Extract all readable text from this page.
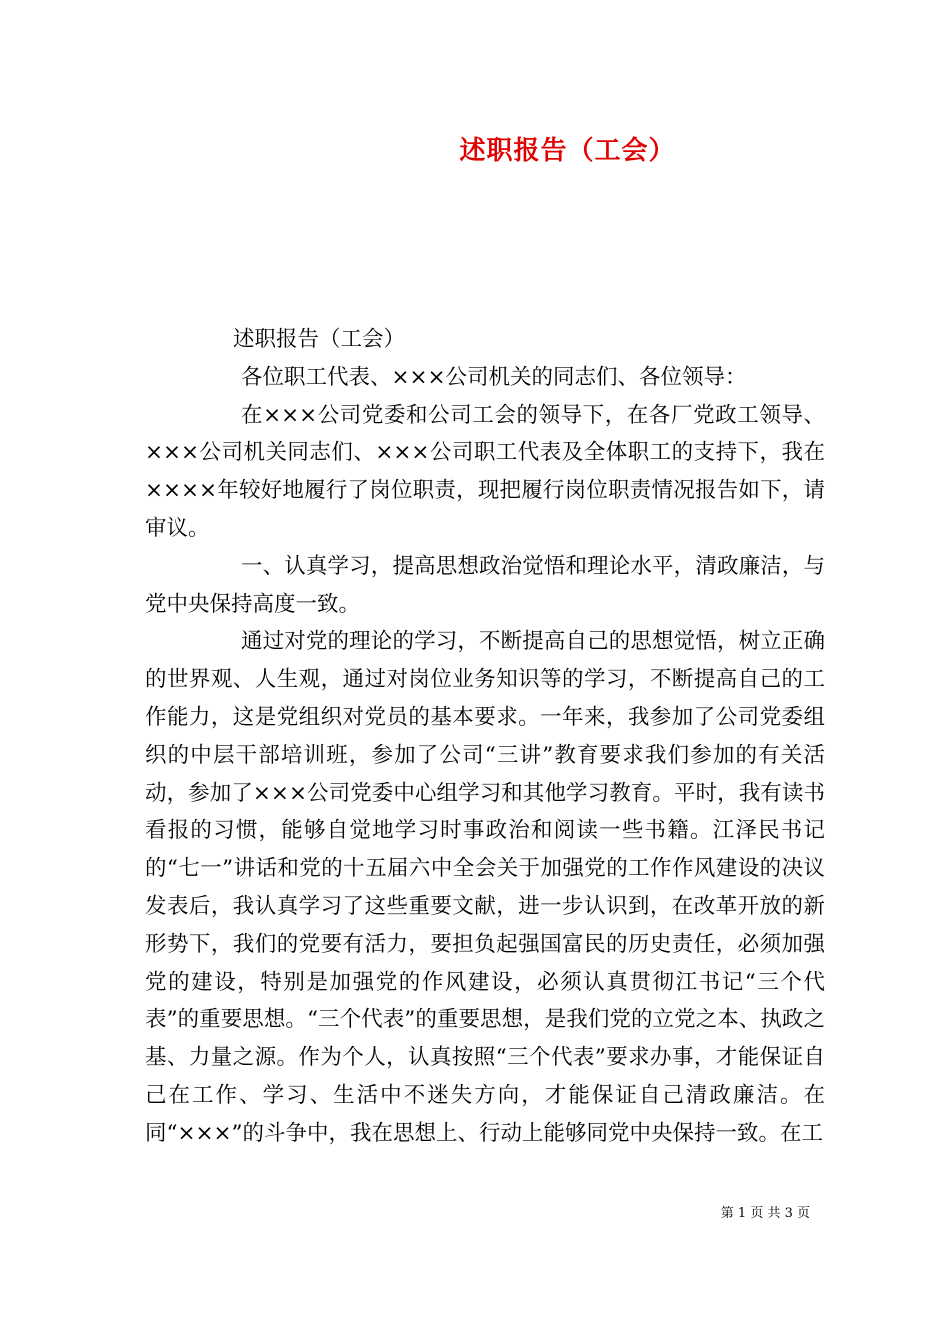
述职报告（工会）

述职报告（工会）

各位职工代表、×××公司机关的同志们、各位领导：

在×××公司党委和公司工会的领导下，在各厂党政工领导、×××公司机关同志们、×××公司职工代表及全体职工的支持下，我在××××年较好地履行了岗位职责，现把履行岗位职责情况报告如下，请审议。

一、认真学习，提高思想政治觉悟和理论水平，清政廉洁，与党中央保持高度一致。

通过对党的理论的学习，不断提高自己的思想觉悟，树立正确的世界观、人生观，通过对岗位业务知识等的学习，不断提高自己的工作能力，这是党组织对党员的基本要求。一年来，我参加了公司党委组织的中层干部培训班，参加了公司“三讲”教育要求我们参加的有关活动，参加了×××公司党委中心组学习和其他学习教育。平时，我有读书看报的习惯，能够自觉地学习时事政治和阅读一些书籍。江泽民书记的“七一”讲话和党的十五届六中全会关于加强党的工作作风建设的决议发表后，我认真学习了这些重要文献，进一步认识到，在改革开放的新形势下，我们的党要有活力，要担负起强国富民的历史责任，必须加强党的建设，特别是加强党的作风建设，必须认真贯彻江书记“三个代表”的重要思想。“三个代表”的重要思想，是我们党的立党之本、执政之基、力量之源。作为个人，认真按照“三个代表”要求办事，才能保证自己在工作、学习、生活中不迷失方向，才能保证自己清政廉洁。在同“×××”的斗争中，我在思想上、行动上能够同党中央保持一致。在工

第 1 页 共 3 页
